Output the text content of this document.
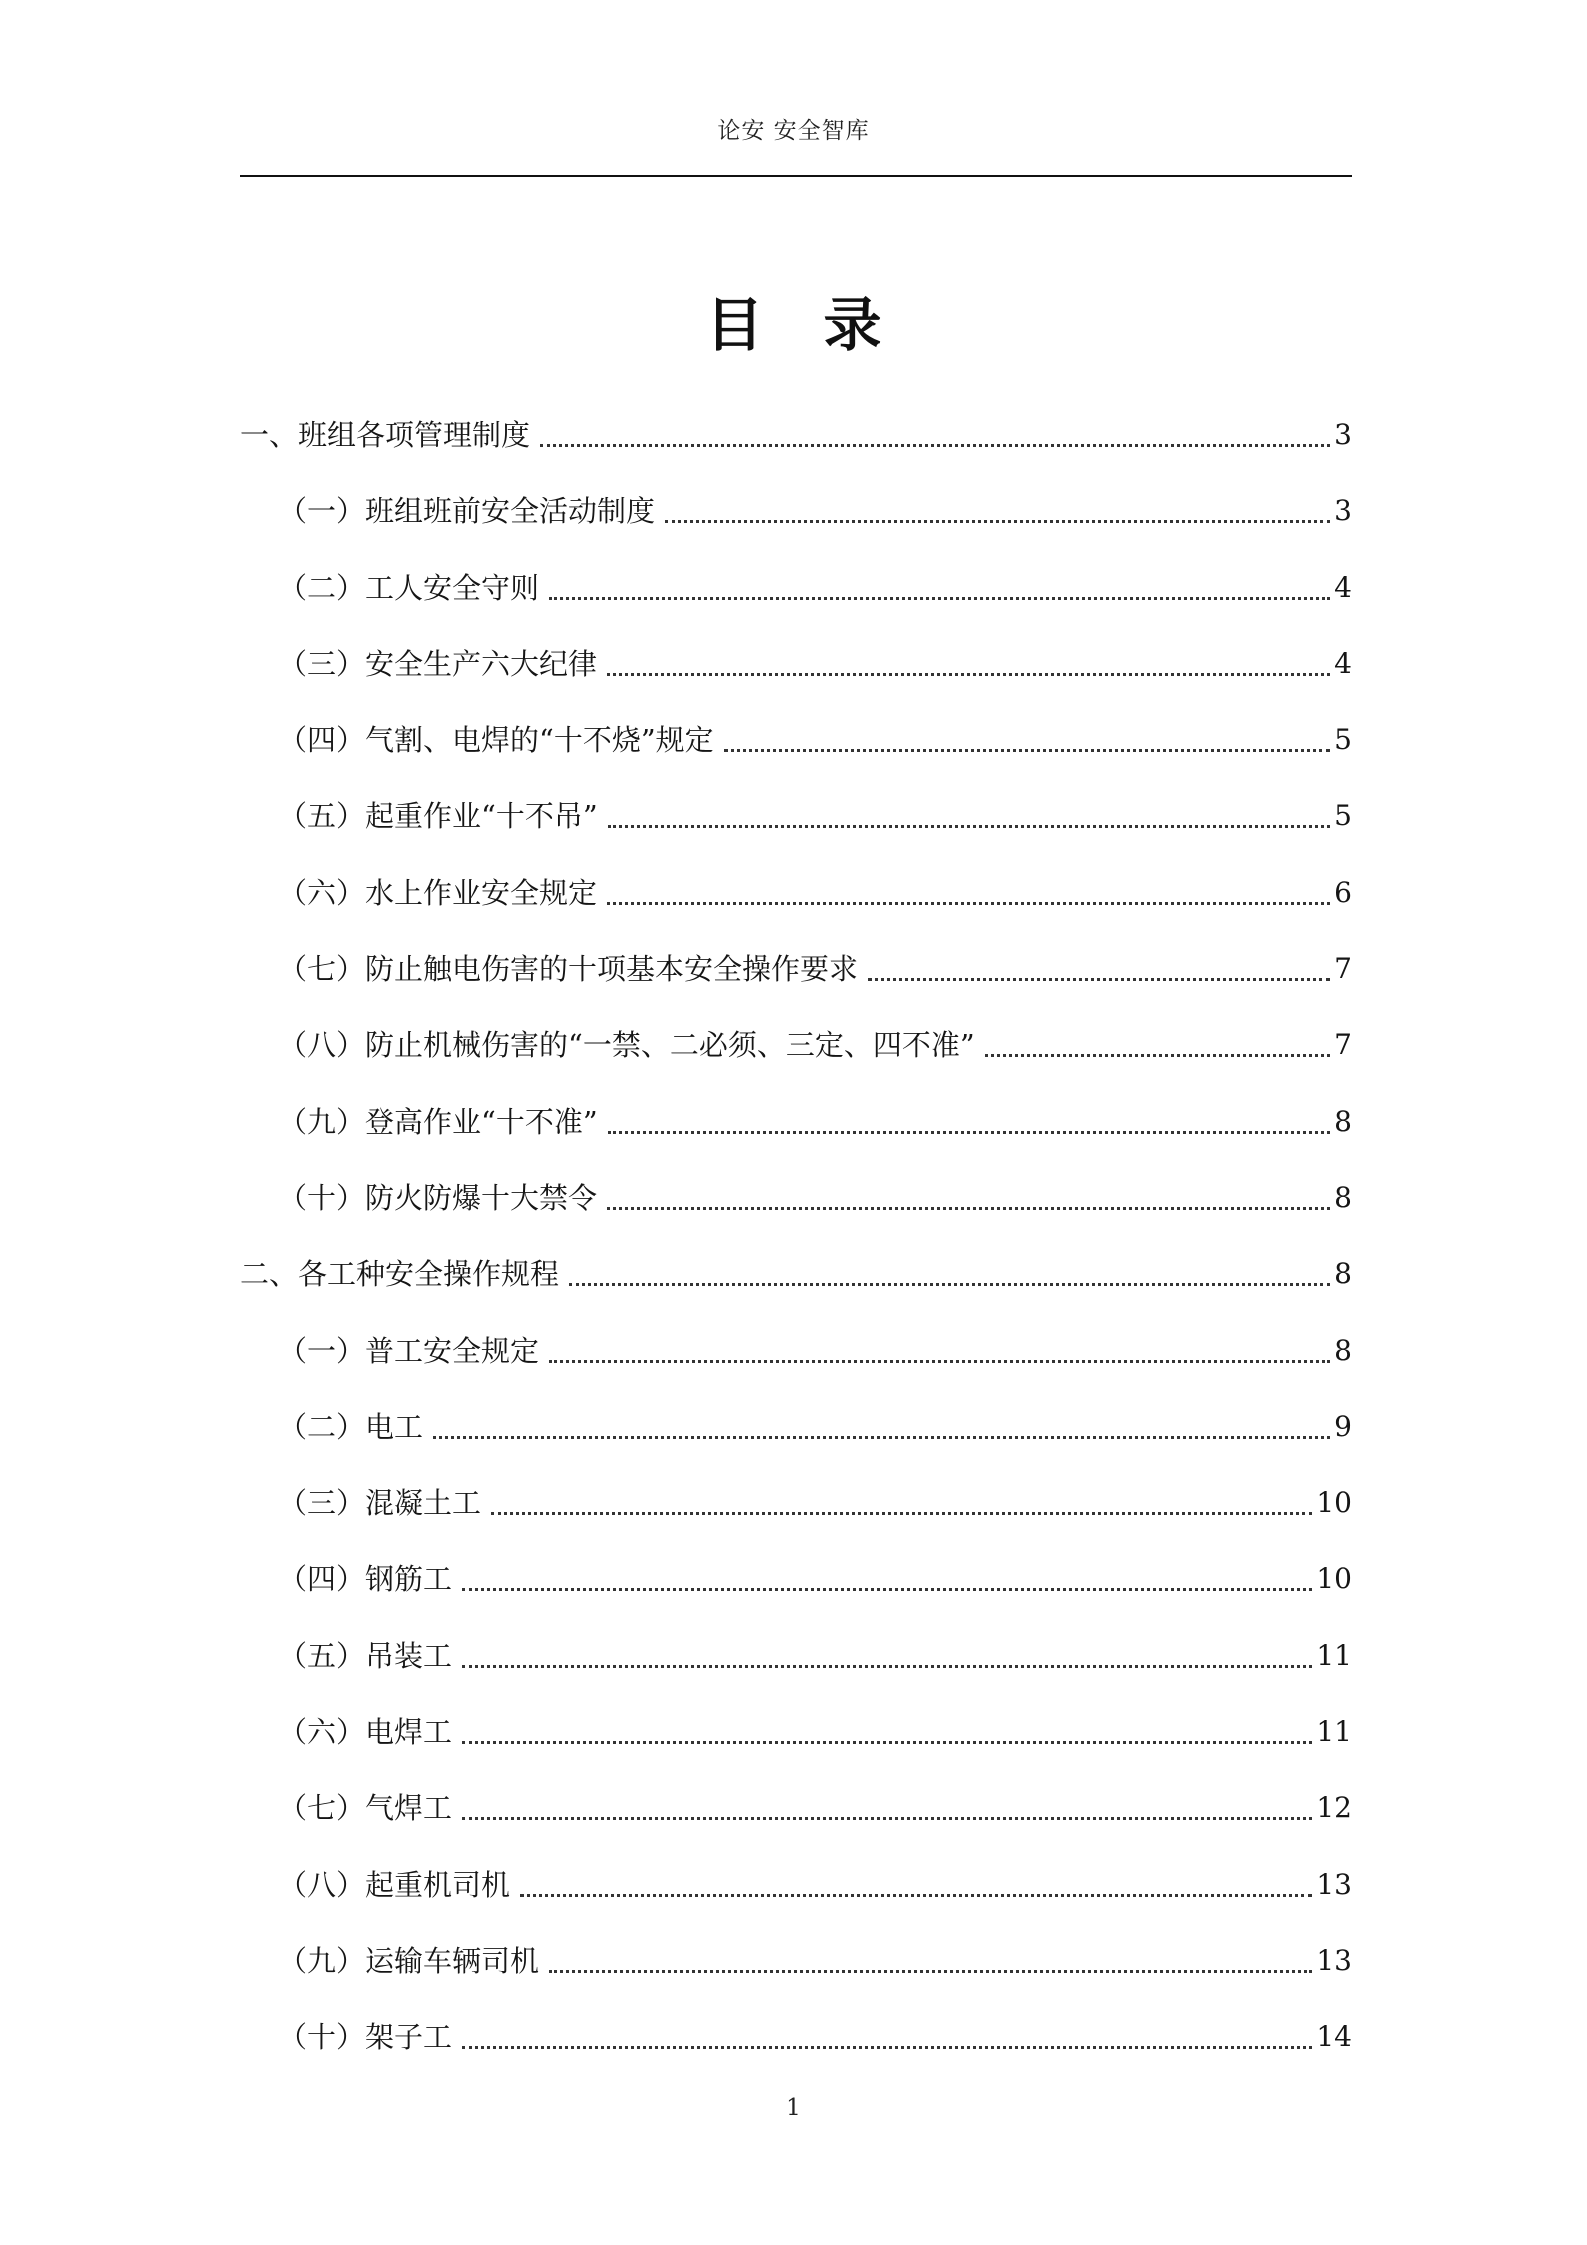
论安 安全智库
目录
一、班组各项管理制度	3
（一）班组班前安全活动制度	3
（二）工人安全守则	4
（三）安全生产六大纪律	4
（四）气割、电焊的“十不烧”规定	5
（五）起重作业“十不吊”	5
（六）水上作业安全规定	6
（七）防止触电伤害的十项基本安全操作要求	7
（八）防止机械伤害的“一禁、二必须、三定、四不准”	7
（九）登高作业“十不准”	8
（十）防火防爆十大禁令	8
二、各工种安全操作规程	8
（一）普工安全规定	8
（二）电工	9
（三）混凝土工	10
（四）钢筋工	10
（五）吊装工	11
（六）电焊工	11
（七）气焊工	12
（八）起重机司机	13
（九）运输车辆司机	13
（十）架子工	14
1
